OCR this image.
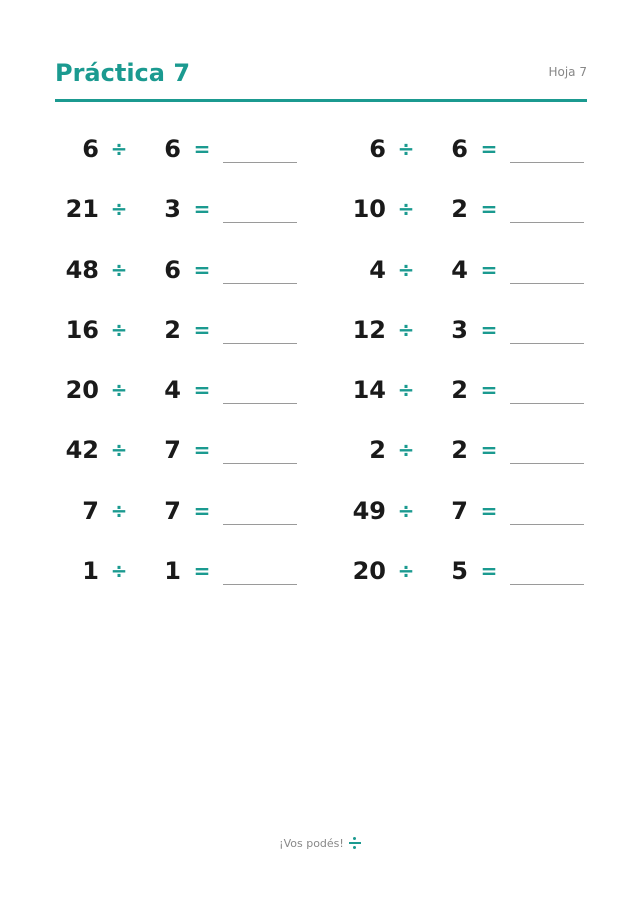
Práctica 7	Hoja 7
6 ÷	6 =	6 ÷	6 =
21 ÷	3 =	10 ÷	2 =
48 ÷	6 =	4 ÷	4 =
16 ÷	2 =	12 ÷	3 =
20 ÷	4 =	14 ÷	2 =
42 ÷	7 =	2 ÷	2 =
7 ÷	7 =	49 ÷	7 =
1 ÷	1 =	20 ÷	5 =
¡Vos podés!
